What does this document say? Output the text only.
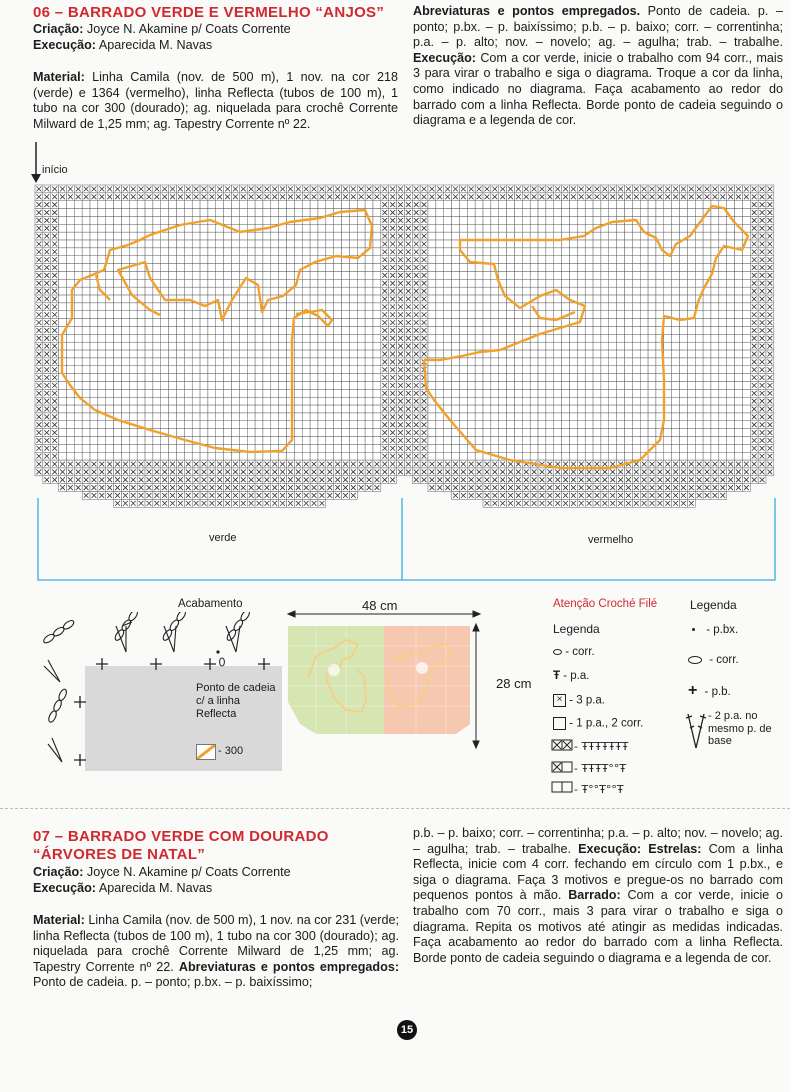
06 – BARRADO VERDE E VERMELHO “ANJOS”
Criação: Joyce N. Akamine p/ Coats Corrente
Execução: Aparecida M. Navas
Material: Linha Camila (nov. de 500 m), 1 nov. na cor 218 (verde) e 1364 (vermelho), linha Reflecta (tubos de 100 m), 1 tubo na cor 300 (dourado); ag. niquelada para crochê Corrente Milward de 1,25 mm; ag. Tapestry Corrente nº 22.
Abreviaturas e pontos empregados. Ponto de cadeia. p. – ponto; p.bx. – p. baixíssimo; p.b. – p. baixo; corr. – correntinha; p.a. – p. alto; nov. – novelo; ag. – agulha; trab. – trabalhe. Execução: Com a cor verde, inicie o trabalho com 94 corr., mais 3 para virar o trabalho e siga o diagrama. Troque a cor da linha, como indicado no diagrama. Faça acabamento ao redor do barrado com a linha Reflecta. Borde ponto de cadeia seguindo o diagrama e a legenda de cor.
início
verde	vermelho
Acabamento
Ponto de cadeia c/ a linha Reflecta
- 300
48 cm
28 cm
Atenção Croché Filé
Legenda
- corr.
Ŧ - p.a.
× - 3 p.a.
- 1 p.a., 2 corr.
- ŦŦŦŦŦŦŦ
- ŦŦŦŦ°°Ŧ
- Ŧ°°Ŧ°°Ŧ
Legenda
- p.bx.
- corr.
+ - p.b.
- 2 p.a. no mesmo p. de base
07 – BARRADO VERDE COM DOURADO
“ÁRVORES DE NATAL”
Criação: Joyce N. Akamine p/ Coats Corrente
Execução: Aparecida M. Navas
Material: Linha Camila (nov. de 500 m), 1 nov. na cor 231 (verde; linha Reflecta (tubos de 100 m), 1 tubo na cor 300 (dourado); ag. niquelada para crochê Corrente Milward de 1,25 mm; ag. Tapestry Corrente nº 22. Abreviaturas e pontos empregados: Ponto de cadeia. p. – ponto; p.bx. – p. baixíssimo;
p.b. – p. baixo; corr. – correntinha; p.a. – p. alto; nov. – novelo; ag. – agulha; trab. – trabalhe. Execução: Estrelas: Com a linha Reflecta, inicie com 4 corr. fechando em círculo com 1 p.bx., e siga o diagrama. Faça 3 motivos e pregue-os no barrado com pequenos pontos à mão. Barrado: Com a cor verde, inicie o trabalho com 70 corr., mais 3 para virar o trabalho e siga o diagrama. Repita os motivos até atingir as medidas indicadas. Faça acabamento ao redor do barrado com a linha Reflecta. Borde ponto de cadeia seguindo o diagrama e a legenda de cor.
15
